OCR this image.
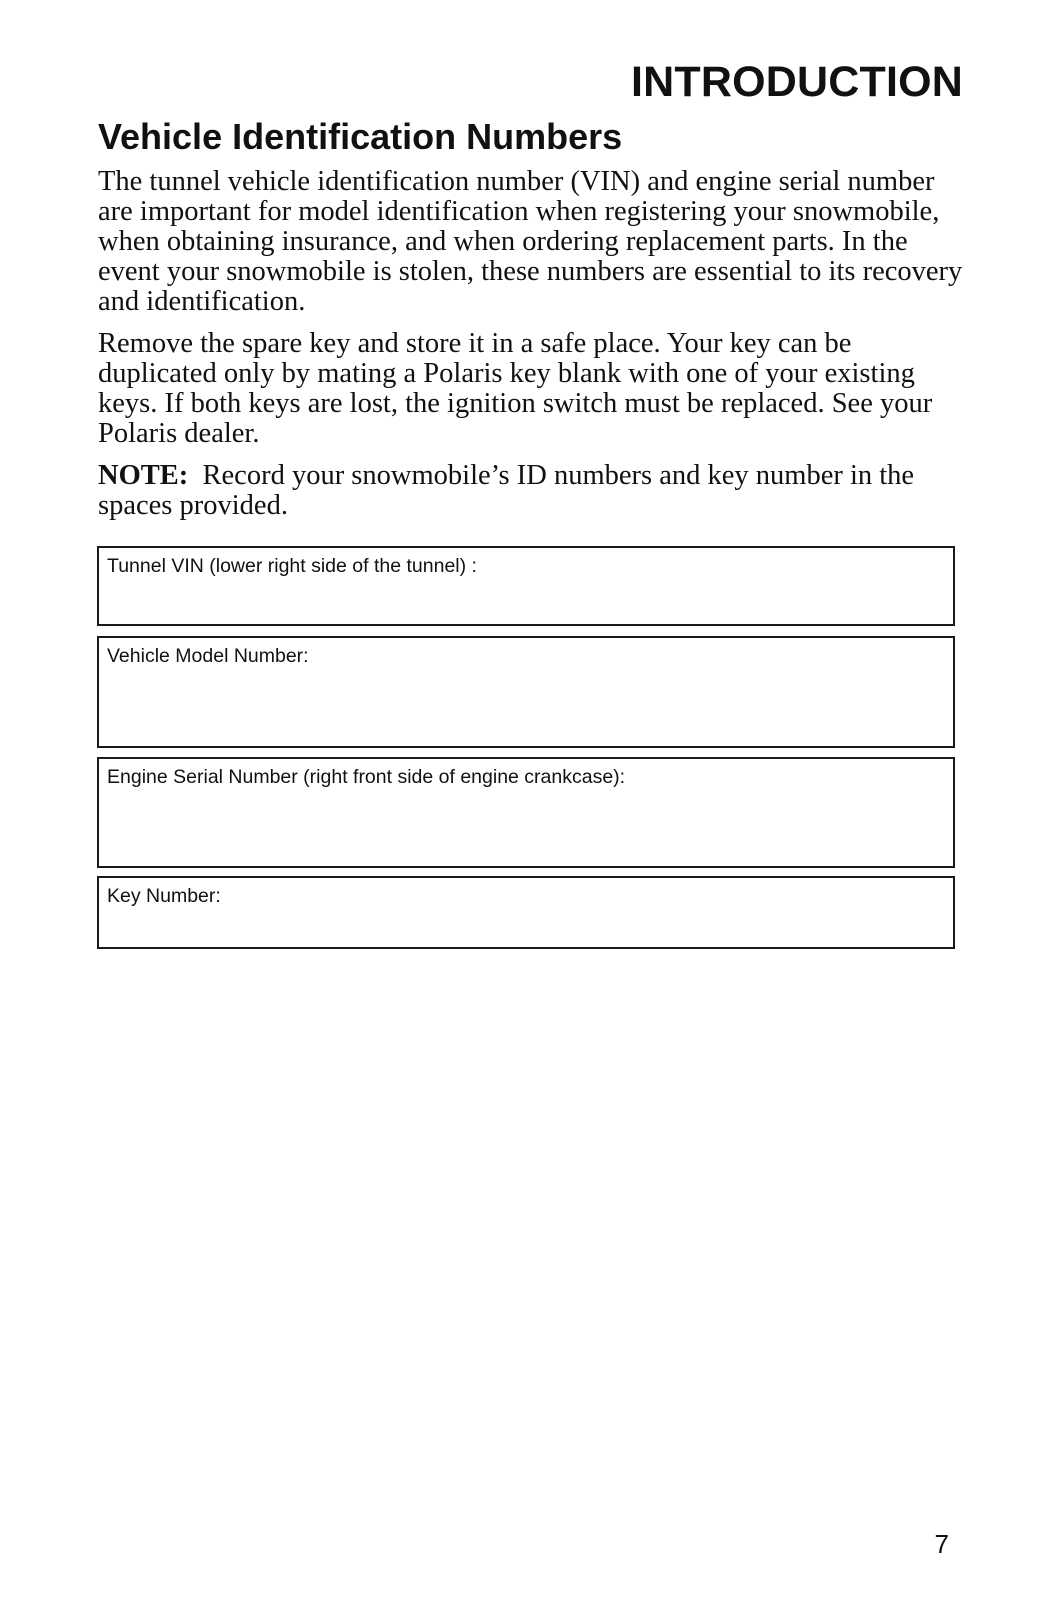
INTRODUCTION
Vehicle Identification Numbers

The tunnel vehicle identification number (VIN) and engine serial number are important for model identification when registering your snowmobile, when obtaining insurance, and when ordering replacement parts. In the event your snowmobile is stolen, these numbers are essential to its recovery and identification.

Remove the spare key and store it in a safe place. Your key can be duplicated only by mating a Polaris key blank with one of your existing keys. If both keys are lost, the ignition switch must be replaced. See your Polaris dealer.

NOTE: Record your snowmobile’s ID numbers and key number in the spaces provided.

Tunnel VIN (lower right side of the tunnel) :
Vehicle Model Number:
Engine Serial Number (right front side of engine crankcase):
Key Number:
7
